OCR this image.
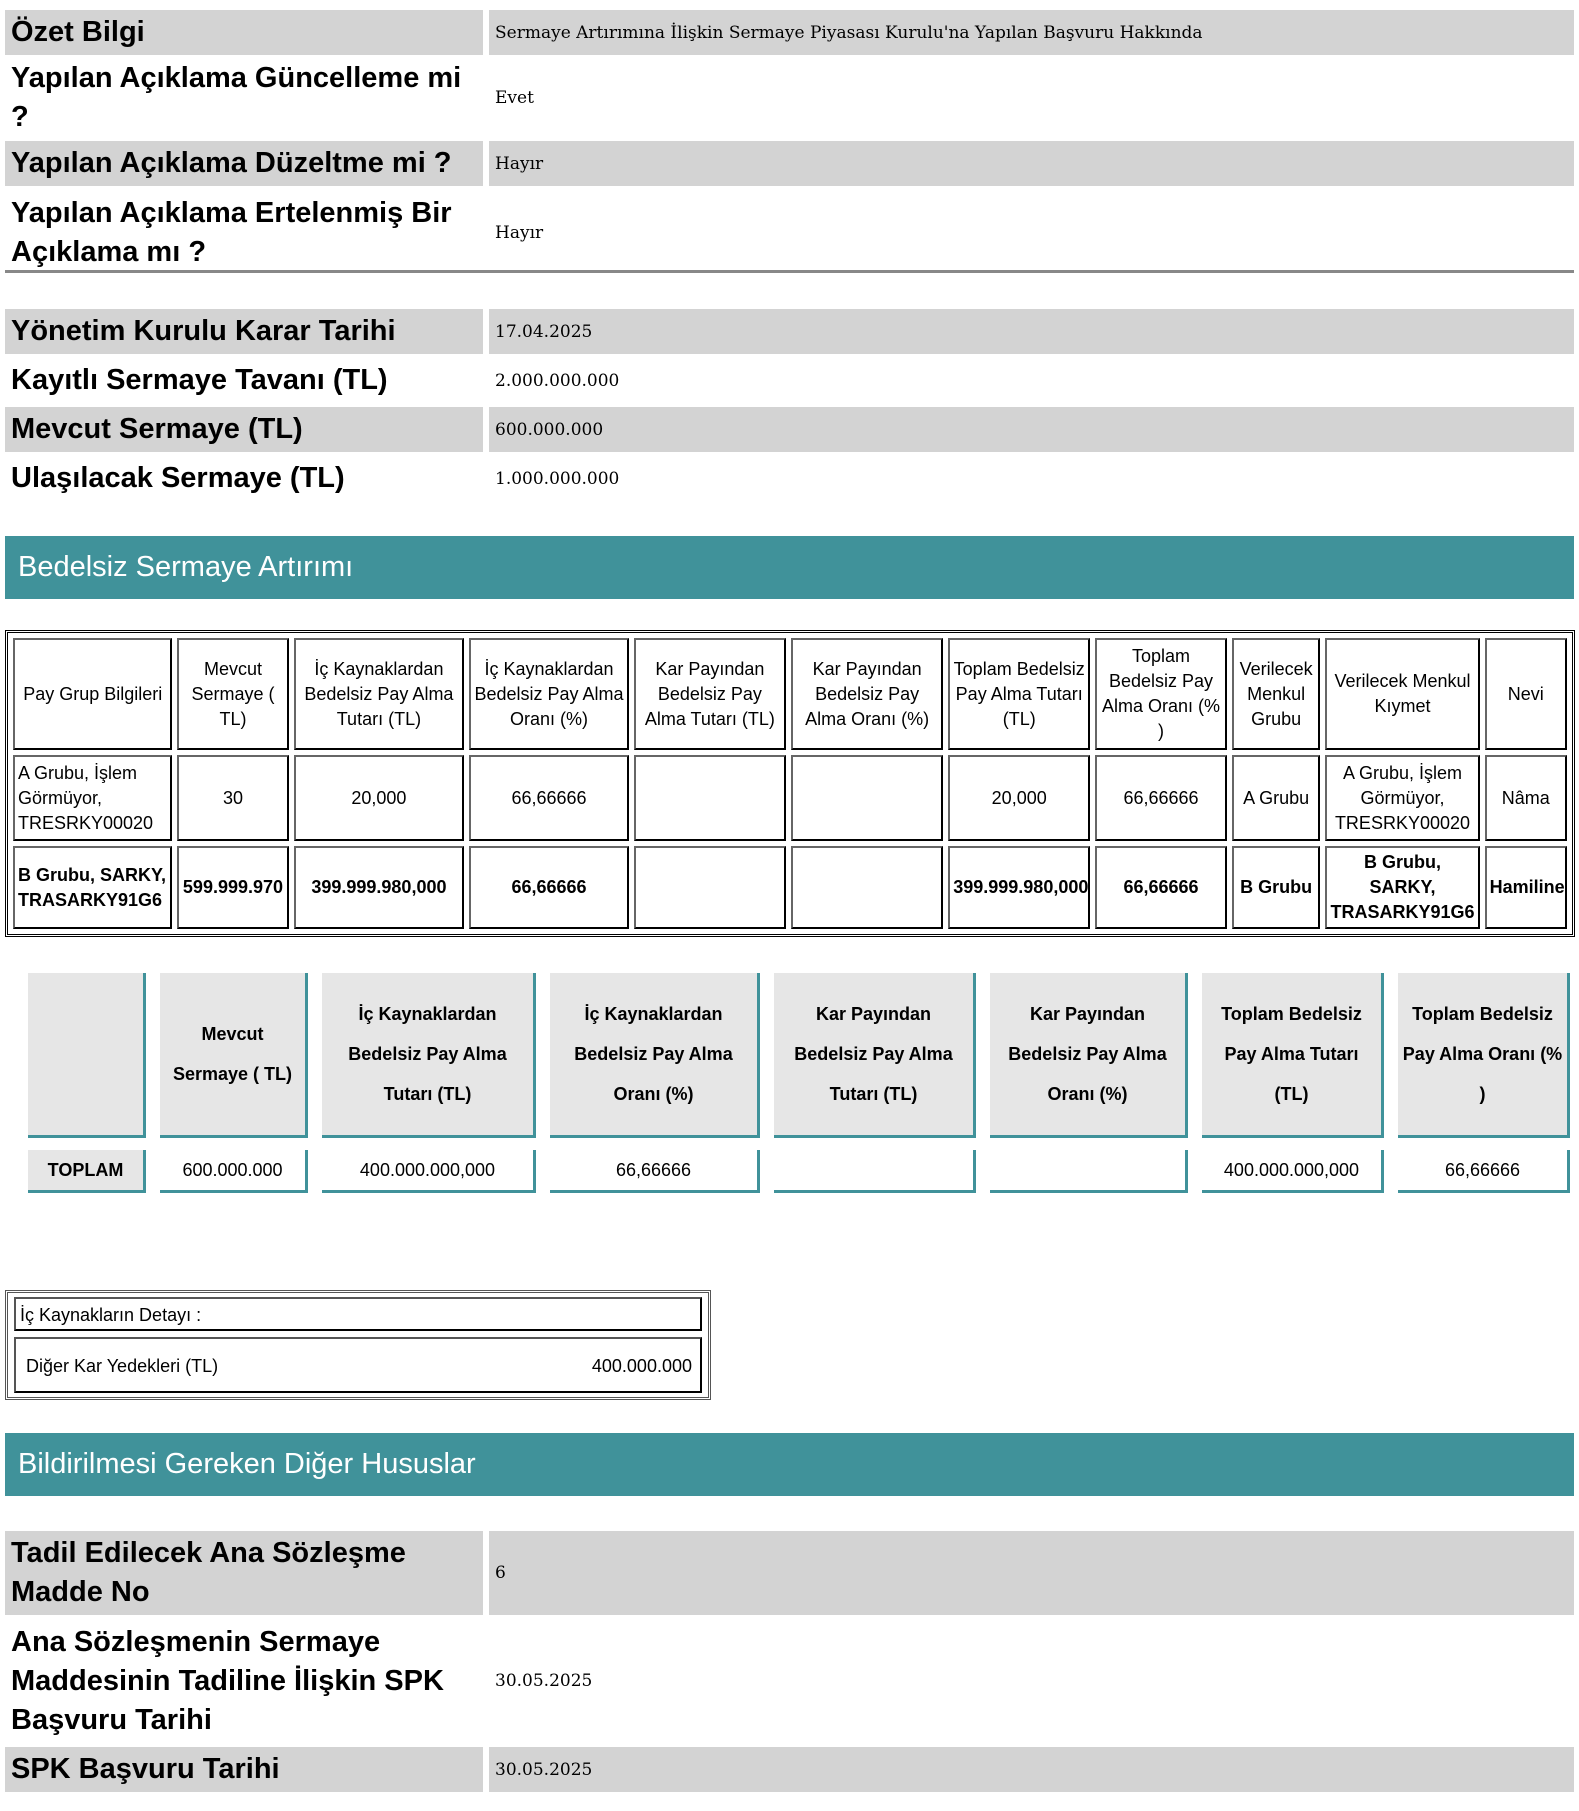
Özet Bilgi		Sermaye Artırımına İlişkin Sermaye Piyasası Kurulu'na Yapılan Başvuru Hakkında
Yapılan Açıklama Güncelleme mi ?		Evet
Yapılan Açıklama Düzeltme mi ?		Hayır
Yapılan Açıklama Ertelenmiş Bir Açıklama mı ?		Hayır
Yönetim Kurulu Karar Tarihi		17.04.2025
Kayıtlı Sermaye Tavanı (TL)		2.000.000.000
Mevcut Sermaye (TL)		600.000.000
Ulaşılacak Sermaye (TL)		1.000.000.000
Bedelsiz Sermaye Artırımı
Pay Grup Bilgileri	Mevcut Sermaye ( TL)	İç Kaynaklardan Bedelsiz Pay Alma Tutarı (TL)	İç Kaynaklardan Bedelsiz Pay Alma Oranı (%)	Kar Payından Bedelsiz Pay Alma Tutarı (TL)	Kar Payından Bedelsiz Pay Alma Oranı (%)	Toplam Bedelsiz Pay Alma Tutarı (TL)	Toplam Bedelsiz Pay Alma Oranı (% )	Verilecek Menkul Grubu	Verilecek Menkul Kıymet	Nevi
A Grubu, İşlem Görmüyor, TRESRKY00020	30	20,000	66,66666			20,000	66,66666	A Grubu	A Grubu, İşlem Görmüyor, TRESRKY00020	Nâma
B Grubu, SARKY, TRASARKY91G6	599.999.970	399.999.980,000	66,66666			399.999.980,000	66,66666	B Grubu	B Grubu, SARKY, TRASARKY91G6	Hamiline
	Mevcut Sermaye ( TL)	İç Kaynaklardan Bedelsiz Pay Alma Tutarı (TL)	İç Kaynaklardan Bedelsiz Pay Alma Oranı (%)	Kar Payından Bedelsiz Pay Alma Tutarı (TL)	Kar Payından Bedelsiz Pay Alma Oranı (%)	Toplam Bedelsiz Pay Alma Tutarı (TL)	Toplam Bedelsiz Pay Alma Oranı (% )

TOPLAM	600.000.000	400.000.000,000	66,66666			400.000.000,000	66,66666
İç Kaynakların Detayı :
Diğer Kar Yedekleri (TL)	400.000.000
Bildirilmesi Gereken Diğer Hususlar
Tadil Edilecek Ana Sözleşme Madde No		6
Ana Sözleşmenin Sermaye Maddesinin Tadiline İlişkin SPK Başvuru Tarihi		30.05.2025
SPK Başvuru Tarihi		30.05.2025
